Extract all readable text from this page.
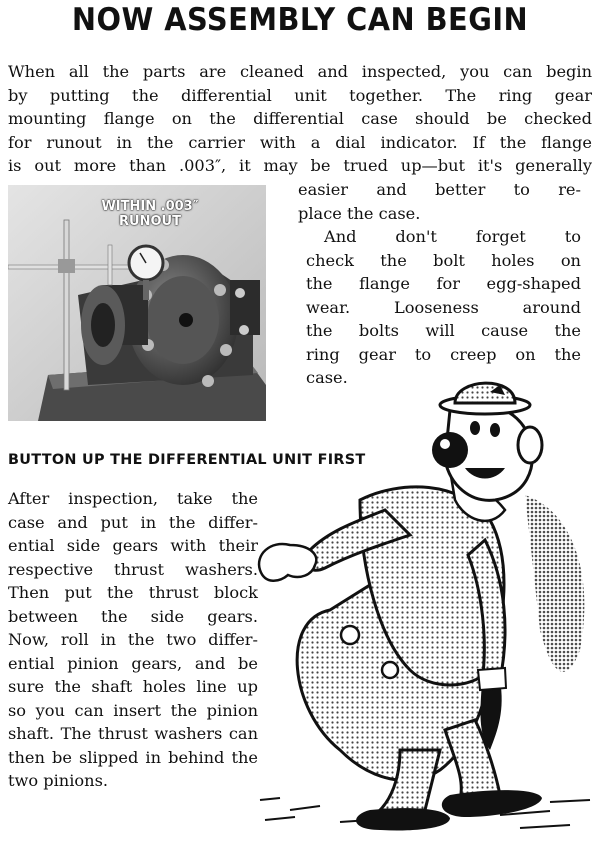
NOW ASSEMBLY CAN BEGIN
When all the parts are cleaned and inspected, you can begin
by putting the differential unit together. The ring gear
mounting flange on the differential case should be checked
for runout in the carrier with a dial indicator. If the flange
is out more than .003″, it may be trued up—but it's generally
easier and better to re-
place the case.
And don't forget to
check the bolt holes on
the flange for egg-shaped
wear. Looseness around
the bolts will cause the
ring gear to creep on the
case.
WITHIN .003″
RUNOUT
BUTTON UP THE DIFFERENTIAL UNIT FIRST
After inspection, take the
case and put in the differ-
ential side gears with their
respective thrust washers.
Then put the thrust block
between the side gears.
Now, roll in the two differ-
ential pinion gears, and be
sure the shaft holes line up
so you can insert the pinion
shaft. The thrust washers can
then be slipped in behind the
two pinions.
